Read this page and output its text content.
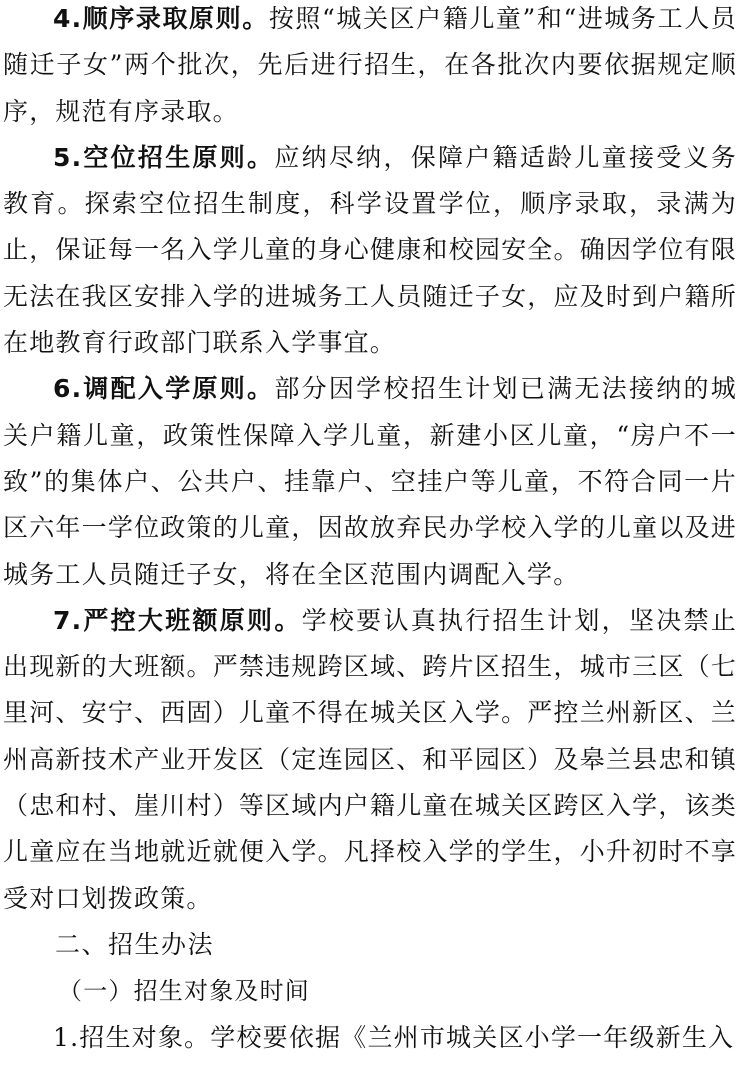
4.顺序录取原则。按照“城关区户籍儿童”和“进城务工人员随迁子女”两个批次，先后进行招生，在各批次内要依据规定顺序，规范有序录取。

5.空位招生原则。应纳尽纳，保障户籍适龄儿童接受义务教育。探索空位招生制度，科学设置学位，顺序录取，录满为止，保证每一名入学儿童的身心健康和校园安全。确因学位有限无法在我区安排入学的进城务工人员随迁子女，应及时到户籍所在地教育行政部门联系入学事宜。

6.调配入学原则。部分因学校招生计划已满无法接纳的城关户籍儿童，政策性保障入学儿童，新建小区儿童，“房户不一致”的集体户、公共户、挂靠户、空挂户等儿童，不符合同一片区六年一学位政策的儿童，因故放弃民办学校入学的儿童以及进城务工人员随迁子女，将在全区范围内调配入学。

7.严控大班额原则。学校要认真执行招生计划，坚决禁止出现新的大班额。严禁违规跨区域、跨片区招生，城市三区（七里河、安宁、西固）儿童不得在城关区入学。严控兰州新区、兰州高新技术产业开发区（定连园区、和平园区）及皋兰县忠和镇（忠和村、崖川村）等区域内户籍儿童在城关区跨区入学，该类儿童应在当地就近就便入学。凡择校入学的学生，小升初时不享受对口划拨政策。

二、招生办法

（一）招生对象及时间

1.招生对象。学校要依据《兰州市城关区小学一年级新生入
